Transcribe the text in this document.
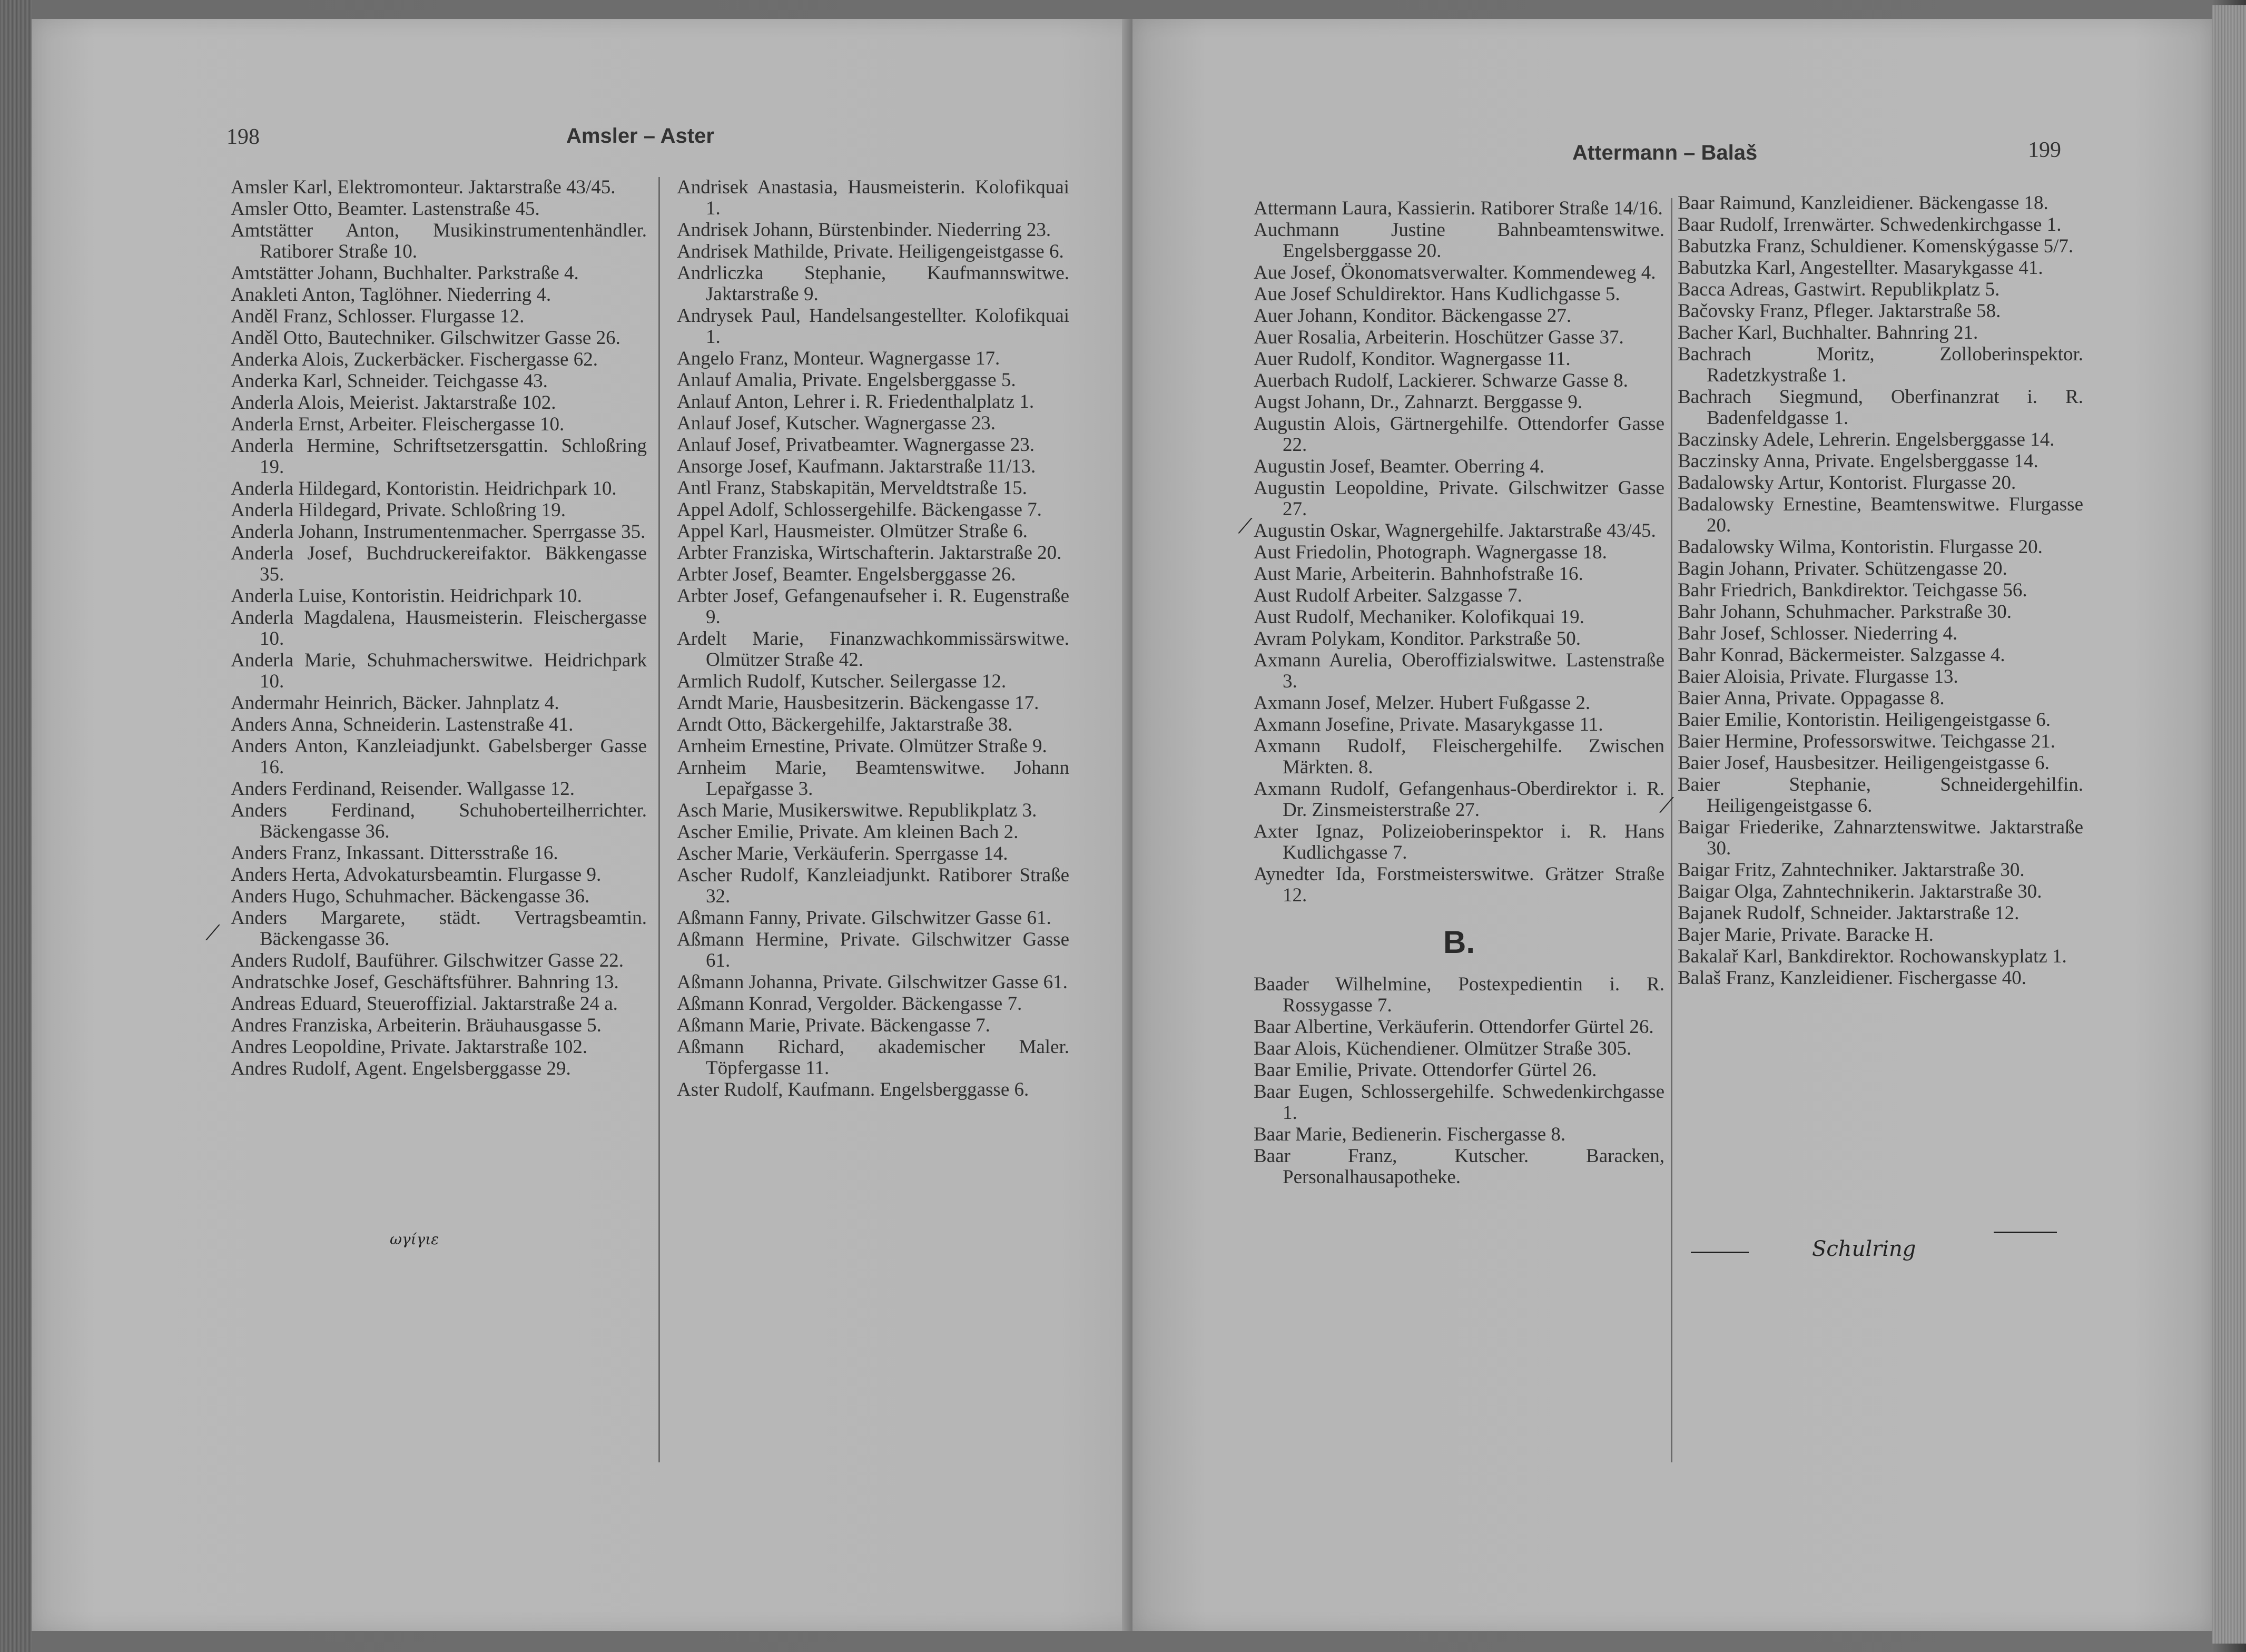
198	Amsler – Aster
Amsler Karl, Elektromonteur. Jaktarstraße 43/45.
Amsler Otto, Beamter. Lastenstraße 45.
Amtstätter Anton, Musikinstrumentenhändler. Ratiborer Straße 10.
Amtstätter Johann, Buchhalter. Parkstraße 4.
Anakleti Anton, Taglöhner. Niederring 4.
Anděl Franz, Schlosser. Flurgasse 12.
Anděl Otto, Bautechniker. Gilschwitzer Gasse 26.
Anderka Alois, Zuckerbäcker. Fischergasse 62.
Anderka Karl, Schneider. Teichgasse 43.
Anderla Alois, Meierist. Jaktarstraße 102.
Anderla Ernst, Arbeiter. Fleischergasse 10.
Anderla Hermine, Schriftsetzersgattin. Schloßring 19.
Anderla Hildegard, Kontoristin. Heidrichpark 10.
Anderla Hildegard, Private. Schloßring 19.
Anderla Johann, Instrumentenmacher. Sperrgasse 35.
Anderla Josef, Buchdruckereifaktor. Bäkkengasse 35.
Anderla Luise, Kontoristin. Heidrichpark 10.
Anderla Magdalena, Hausmeisterin. Fleischergasse 10.
Anderla Marie, Schuhmacherswitwe. Heidrichpark 10.
Andermahr Heinrich, Bäcker. Jahnplatz 4.
Anders Anna, Schneiderin. Lastenstraße 41.
Anders Anton, Kanzleiadjunkt. Gabelsberger Gasse 16.
Anders Ferdinand, Reisender. Wallgasse 12.
Anders Ferdinand, Schuhoberteilherrichter. Bäckengasse 36.
Anders Franz, Inkassant. Dittersstraße 16.
Anders Herta, Advokatursbeamtin. Flurgasse 9.
Anders Hugo, Schuhmacher. Bäckengasse 36.
Anders Margarete, städt. Vertragsbeamtin. Bäckengasse 36.
Anders Rudolf, Bauführer. Gilschwitzer Gasse 22.
Andratschke Josef, Geschäftsführer. Bahnring 13.
Andreas Eduard, Steueroffizial. Jaktarstraße 24 a.
Andres Franziska, Arbeiterin. Bräuhausgasse 5.
Andres Leopoldine, Private. Jaktarstraße 102.
Andres Rudolf, Agent. Engelsberggasse 29.
Andrisek Anastasia, Hausmeisterin. Kolofikquai 1.
Andrisek Johann, Bürstenbinder. Niederring 23.
Andrisek Mathilde, Private. Heiligengeistgasse 6.
Andrliczka Stephanie, Kaufmannswitwe. Jaktarstraße 9.
Andrysek Paul, Handelsangestellter. Kolofikquai 1.
Angelo Franz, Monteur. Wagnergasse 17.
Anlauf Amalia, Private. Engelsberggasse 5.
Anlauf Anton, Lehrer i. R. Friedenthalplatz 1.
Anlauf Josef, Kutscher. Wagnergasse 23.
Anlauf Josef, Privatbeamter. Wagnergasse 23.
Ansorge Josef, Kaufmann. Jaktarstraße 11/13.
Antl Franz, Stabskapitän, Merveldtstraße 15.
Appel Adolf, Schlossergehilfe. Bäckengasse 7.
Appel Karl, Hausmeister. Olmützer Straße 6.
Arbter Franziska, Wirtschafterin. Jaktarstraße 20.
Arbter Josef, Beamter. Engelsberggasse 26.
Arbter Josef, Gefangenaufseher i. R. Eugenstraße 9.
Ardelt Marie, Finanzwachkommissärswitwe. Olmützer Straße 42.
Armlich Rudolf, Kutscher. Seilergasse 12.
Arndt Marie, Hausbesitzerin. Bäckengasse 17.
Arndt Otto, Bäckergehilfe, Jaktarstraße 38.
Arnheim Ernestine, Private. Olmützer Straße 9.
Arnheim Marie, Beamtenswitwe. Johann Lepařgasse 3.
Asch Marie, Musikerswitwe. Republikplatz 3.
Ascher Emilie, Private. Am kleinen Bach 2.
Ascher Marie, Verkäuferin. Sperrgasse 14.
Ascher Rudolf, Kanzleiadjunkt. Ratiborer Straße 32.
Aßmann Fanny, Private. Gilschwitzer Gasse 61.
Aßmann Hermine, Private. Gilschwitzer Gasse 61.
Aßmann Johanna, Private. Gilschwitzer Gasse 61.
Aßmann Konrad, Vergolder. Bäckengasse 7.
Aßmann Marie, Private. Bäckengasse 7.
Aßmann Richard, akademischer Maler. Töpfergasse 11.
Aster Rudolf, Kaufmann. Engelsberggasse 6.
⟋
ωγίγιε
Attermann – Balaš	199
Attermann Laura, Kassierin. Ratiborer Straße 14/16.
Auchmann Justine Bahnbeamtenswitwe. Engelsberggasse 20.
Aue Josef, Ökonomatsverwalter. Kommendeweg 4.
Aue Josef Schuldirektor. Hans Kudlichgasse 5.
Auer Johann, Konditor. Bäckengasse 27.
Auer Rosalia, Arbeiterin. Hoschützer Gasse 37.
Auer Rudolf, Konditor. Wagnergasse 11.
Auerbach Rudolf, Lackierer. Schwarze Gasse 8.
Augst Johann, Dr., Zahnarzt. Berggasse 9.
Augustin Alois, Gärtnergehilfe. Ottendorfer Gasse 22.
Augustin Josef, Beamter. Oberring 4.
Augustin Leopoldine, Private. Gilschwitzer Gasse 27.
Augustin Oskar, Wagnergehilfe. Jaktarstraße 43/45.
Aust Friedolin, Photograph. Wagnergasse 18.
Aust Marie, Arbeiterin. Bahnhofstraße 16.
Aust Rudolf Arbeiter. Salzgasse 7.
Aust Rudolf, Mechaniker. Kolofikquai 19.
Avram Polykam, Konditor. Parkstraße 50.
Axmann Aurelia, Oberoffizialswitwe. Lastenstraße 3.
Axmann Josef, Melzer. Hubert Fußgasse 2.
Axmann Josefine, Private. Masarykgasse 11.
Axmann Rudolf, Fleischergehilfe. Zwischen Märkten. 8.
Axmann Rudolf, Gefangenhaus-Oberdirektor i. R. Dr. Zinsmeisterstraße 27.
Axter Ignaz, Polizeioberinspektor i. R. Hans Kudlichgasse 7.
Aynedter Ida, Forstmeisterswitwe. Grätzer Straße 12.
B.
Baader Wilhelmine, Postexpedientin i. R. Rossygasse 7.
Baar Albertine, Verkäuferin. Ottendorfer Gürtel 26.
Baar Alois, Küchendiener. Olmützer Straße 305.
Baar Emilie, Private. Ottendorfer Gürtel 26.
Baar Eugen, Schlossergehilfe. Schwedenkirchgasse 1.
Baar Marie, Bedienerin. Fischergasse 8.
Baar Franz, Kutscher. Baracken, Personalhausapotheke.
Baar Raimund, Kanzleidiener. Bäckengasse 18.
Baar Rudolf, Irrenwärter. Schwedenkirchgasse 1.
Babutzka Franz, Schuldiener. Komenskýgasse 5/7.
Babutzka Karl, Angestellter. Masarykgasse 41.
Bacca Adreas, Gastwirt. Republikplatz 5.
Bačovsky Franz, Pfleger. Jaktarstraße 58.
Bacher Karl, Buchhalter. Bahnring 21.
Bachrach Moritz, Zolloberinspektor. Radetzkystraße 1.
Bachrach Siegmund, Oberfinanzrat i. R. Badenfeldgasse 1.
Baczinsky Adele, Lehrerin. Engelsberggasse 14.
Baczinsky Anna, Private. Engelsberggasse 14.
Badalowsky Artur, Kontorist. Flurgasse 20.
Badalowsky Ernestine, Beamtenswitwe. Flurgasse 20.
Badalowsky Wilma, Kontoristin. Flurgasse 20.
Bagin Johann, Privater. Schützengasse 20.
Bahr Friedrich, Bankdirektor. Teichgasse 56.
Bahr Johann, Schuhmacher. Parkstraße 30.
Bahr Josef, Schlosser. Niederring 4.
Bahr Konrad, Bäckermeister. Salzgasse 4.
Baier Aloisia, Private. Flurgasse 13.
Baier Anna, Private. Oppagasse 8.
Baier Emilie, Kontoristin. Heiligengeistgasse 6.
Baier Hermine, Professorswitwe. Teichgasse 21.
Baier Josef, Hausbesitzer. Heiligengeistgasse 6.
Baier Stephanie, Schneidergehilfin. Heiligengeistgasse 6.
Baigar Friederike, Zahnarztenswitwe. Jaktarstraße 30.
Baigar Fritz, Zahntechniker. Jaktarstraße 30.
Baigar Olga, Zahntechnikerin. Jaktarstraße 30.
Bajanek Rudolf, Schneider. Jaktarstraße 12.
Bajer Marie, Private. Baracke H.
Bakalař Karl, Bankdirektor. Rochowanskyplatz 1.
Balaš Franz, Kanzleidiener. Fischergasse 40.
⟋
⟋
Schulring
